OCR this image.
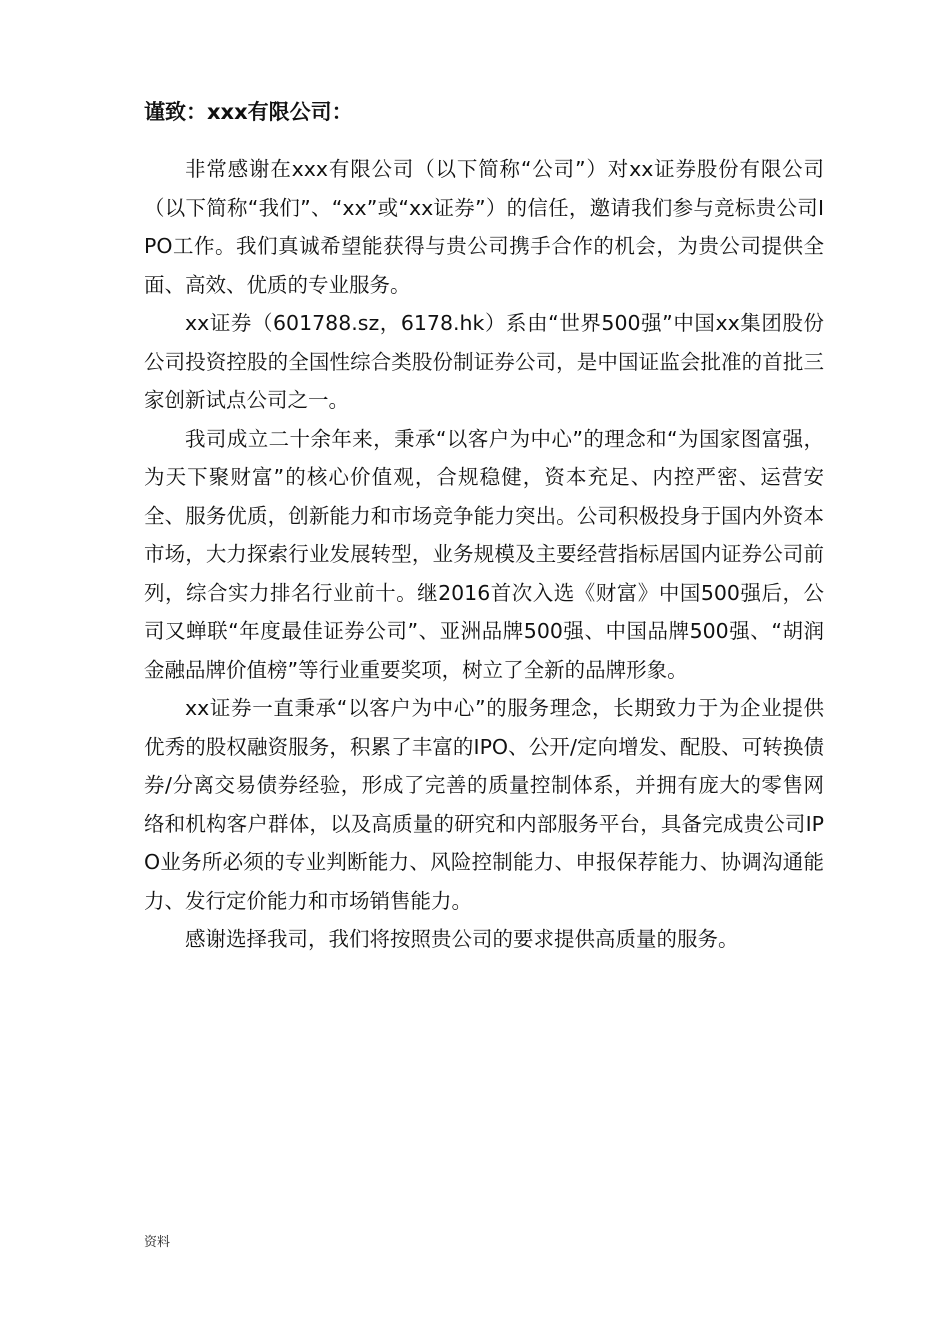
谨致：xxx有限公司：

非常感谢在xxx有限公司（以下简称“公司”）对xx证券股份有限公司（以下简称“我们”、“xx”或“xx证券”）的信任，邀请我们参与竞标贵公司IPO工作。我们真诚希望能获得与贵公司携手合作的机会，为贵公司提供全面、高效、优质的专业服务。

xx证券（601788.sz，6178.hk）系由“世界500强”中国xx集团股份公司投资控股的全国性综合类股份制证券公司，是中国证监会批准的首批三家创新试点公司之一。

我司成立二十余年来，秉承“以客户为中心”的理念和“为国家图富强，为天下聚财富”的核心价值观，合规稳健，资本充足、内控严密、运营安全、服务优质，创新能力和市场竞争能力突出。公司积极投身于国内外资本市场，大力探索行业发展转型，业务规模及主要经营指标居国内证券公司前列，综合实力排名行业前十。继2016首次入选《财富》中国500强后，公司又蝉联“年度最佳证券公司”、亚洲品牌500强、中国品牌500强、“胡润金融品牌价值榜”等行业重要奖项，树立了全新的品牌形象。

xx证券一直秉承“以客户为中心”的服务理念，长期致力于为企业提供优秀的股权融资服务，积累了丰富的IPO、公开/定向增发、配股、可转换债券/分离交易债券经验，形成了完善的质量控制体系，并拥有庞大的零售网络和机构客户群体，以及高质量的研究和内部服务平台，具备完成贵公司IPO业务所必须的专业判断能力、风险控制能力、申报保荐能力、协调沟通能力、发行定价能力和市场销售能力。

感谢选择我司，我们将按照贵公司的要求提供高质量的服务。

资料
